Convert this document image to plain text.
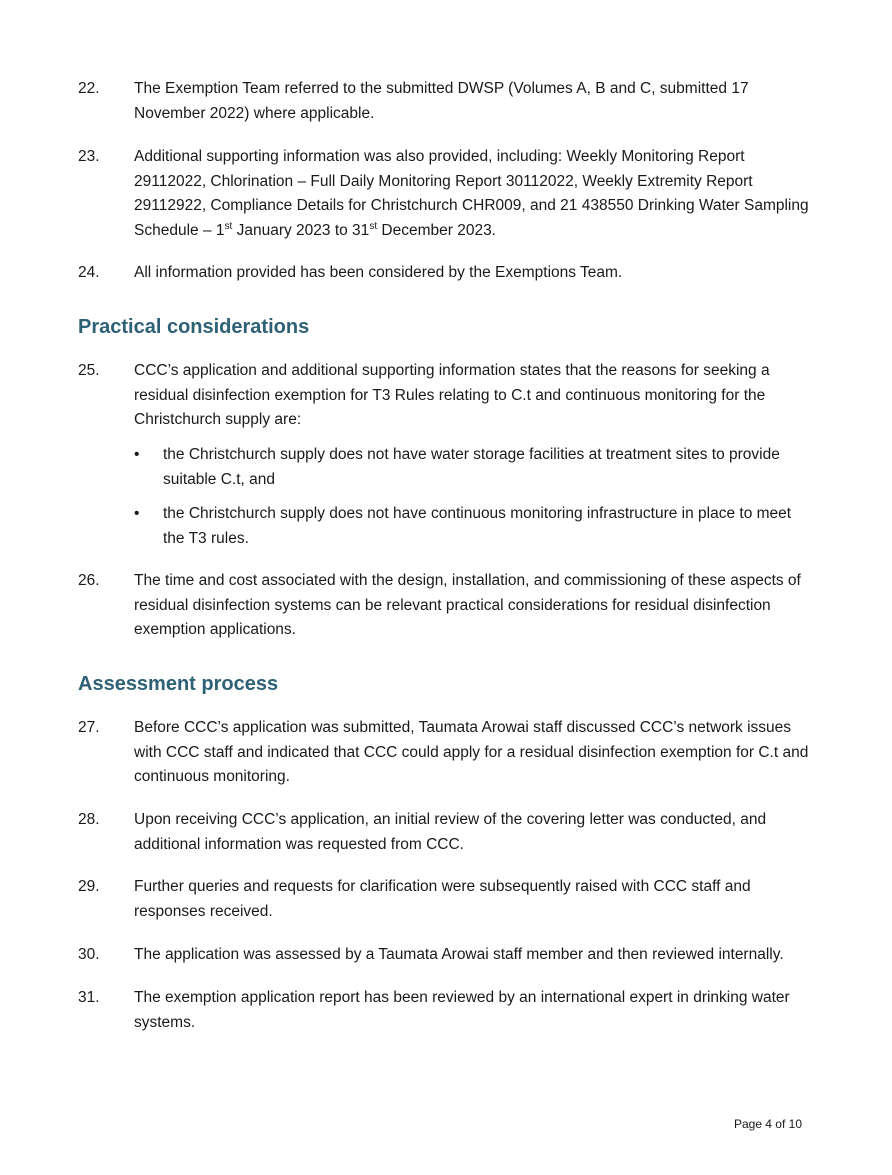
22.	The Exemption Team referred to the submitted DWSP (Volumes A, B and C, submitted 17 November 2022) where applicable.
23.	Additional supporting information was also provided, including: Weekly Monitoring Report 29112022, Chlorination – Full Daily Monitoring Report 30112022, Weekly Extremity Report 29112922, Compliance Details for Christchurch CHR009, and 21 438550 Drinking Water Sampling Schedule – 1st January 2023 to 31st December 2023.
24.	All information provided has been considered by the Exemptions Team.
Practical considerations
25.	CCC’s application and additional supporting information states that the reasons for seeking a residual disinfection exemption for T3 Rules relating to C.t and continuous monitoring for the Christchurch supply are:
•	the Christchurch supply does not have water storage facilities at treatment sites to provide suitable C.t, and
•	the Christchurch supply does not have continuous monitoring infrastructure in place to meet the T3 rules.
26.	The time and cost associated with the design, installation, and commissioning of these aspects of residual disinfection systems can be relevant practical considerations for residual disinfection exemption applications.
Assessment process
27.	Before CCC’s application was submitted, Taumata Arowai staff discussed CCC’s network issues with CCC staff and indicated that CCC could apply for a residual disinfection exemption for C.t and continuous monitoring.
28.	Upon receiving CCC’s application, an initial review of the covering letter was conducted, and additional information was requested from CCC.
29.	Further queries and requests for clarification were subsequently raised with CCC staff and responses received.
30.	The application was assessed by a Taumata Arowai staff member and then reviewed internally.
31.	The exemption application report has been reviewed by an international expert in drinking water systems.
Page 4 of 10
